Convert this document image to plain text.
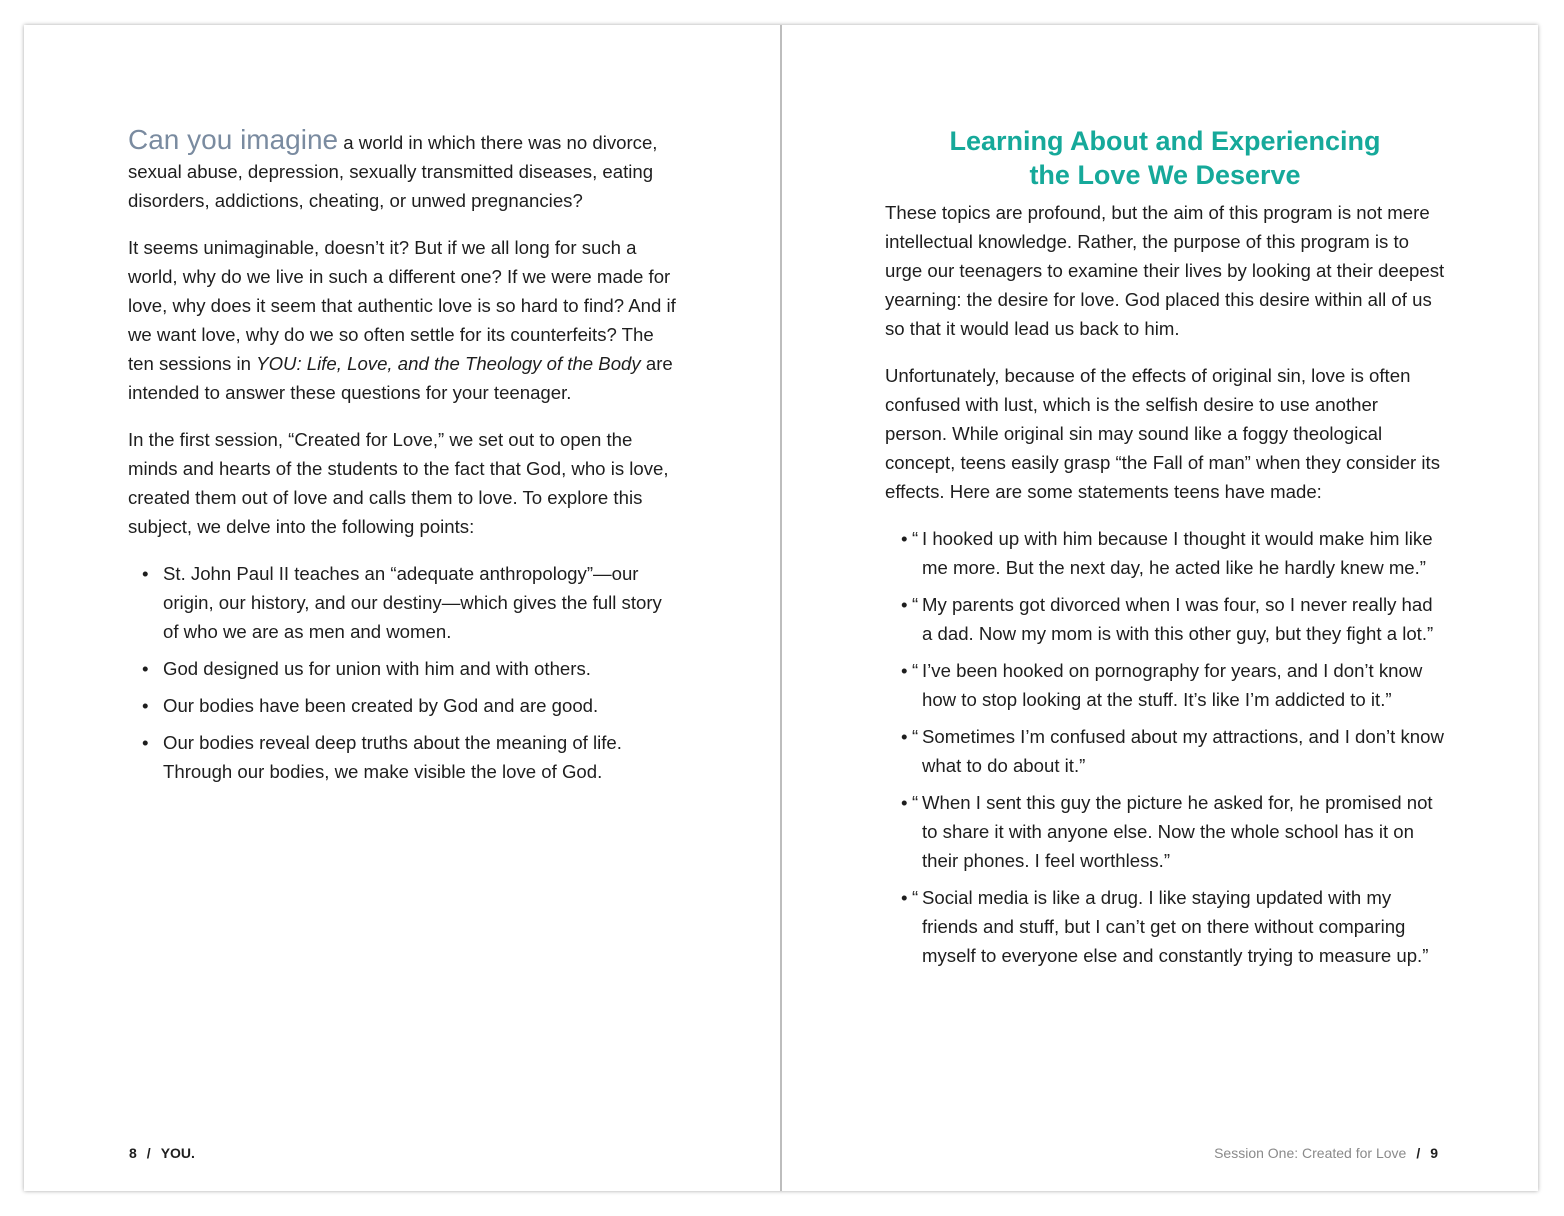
Can you imagine a world in which there was no divorce, sexual abuse, depression, sexually transmitted diseases, eating disorders, addictions, cheating, or unwed pregnancies?

It seems unimaginable, doesn’t it? But if we all long for such a world, why do we live in such a different one? If we were made for love, why does it seem that authentic love is so hard to find? And if we want love, why do we so often settle for its counterfeits? The ten sessions in YOU: Life, Love, and the Theology of the Body are intended to answer these questions for your teenager.

In the first session, “Created for Love,” we set out to open the minds and hearts of the students to the fact that God, who is love, created them out of love and calls them to love. To explore this subject, we delve into the following points:

• St. John Paul II teaches an “adequate anthropology”—our origin, our history, and our destiny—which gives the full story of who we are as men and women.
• God designed us for union with him and with others.
• Our bodies have been created by God and are good.
• Our bodies reveal deep truths about the meaning of life. Through our bodies, we make visible the love of God.
8 / YOU.
Learning About and Experiencing
the Love We Deserve

These topics are profound, but the aim of this program is not mere intellectual knowledge. Rather, the purpose of this program is to urge our teenagers to examine their lives by looking at their deepest yearning: the desire for love. God placed this desire within all of us so that it would lead us back to him.

Unfortunately, because of the effects of original sin, love is often confused with lust, which is the selfish desire to use another person. While original sin may sound like a foggy theological concept, teens easily grasp “the Fall of man” when they consider its effects. Here are some statements teens have made:

• “ I hooked up with him because I thought it would make him like me more. But the next day, he acted like he hardly knew me.”
• “ My parents got divorced when I was four, so I never really had a dad. Now my mom is with this other guy, but they fight a lot.”
• “ I’ve been hooked on pornography for years, and I don’t know how to stop looking at the stuff. It’s like I’m addicted to it.”
• “ Sometimes I’m confused about my attractions, and I don’t know what to do about it.”
• “ When I sent this guy the picture he asked for, he promised not to share it with anyone else. Now the whole school has it on their phones. I feel worthless.”
• “ Social media is like a drug. I like staying updated with my friends and stuff, but I can’t get on there without comparing myself to everyone else and constantly trying to measure up.”
Session One: Created for Love / 9
